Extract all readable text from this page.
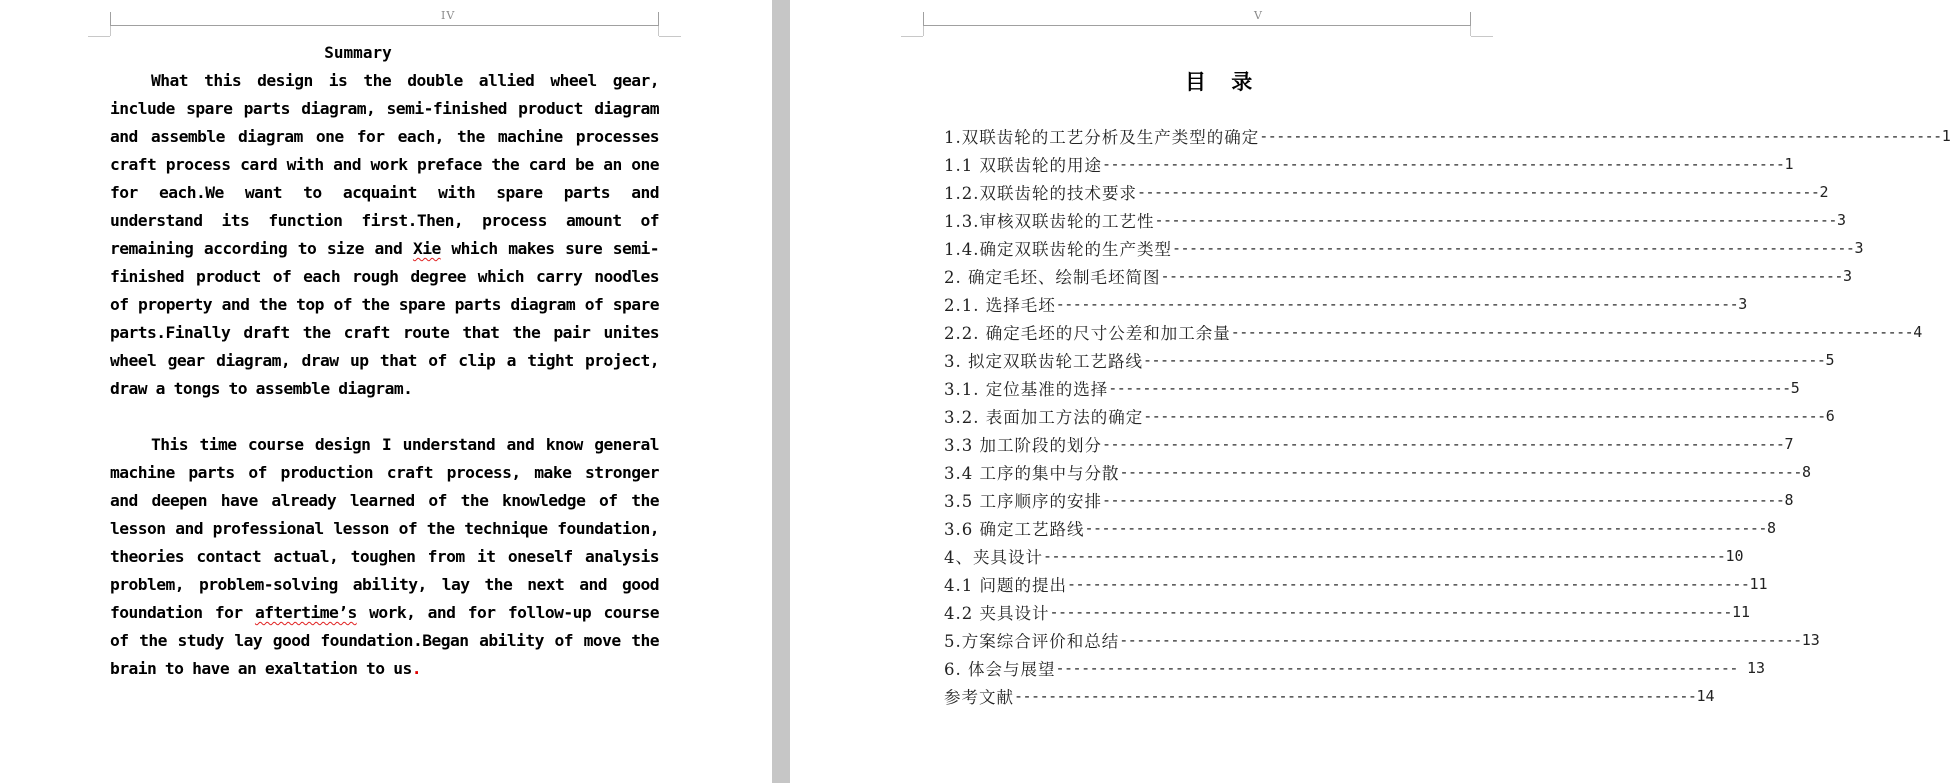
IV	V
Summary

What this design is the double allied wheel gear, include spare parts diagram, semi-finished product diagram and assemble diagram one for each, the machine processes craft process card with and work preface the card be an one for each.We want to acquaint with spare parts and understand its function first.Then, process amount of remaining according to size and Xie which makes sure semi-finished product of each rough degree which carry noodles of property and the top of the spare parts diagram of spare parts.Finally draft the craft route that the pair unites wheel gear diagram, draw up that of clip a tight project, draw a tongs to assemble diagram.

This time course design I understand and know general machine parts of production craft process, make stronger and deepen have already learned of the knowledge of the lesson and professional lesson of the technique foundation, theories contact actual, toughen from it oneself analysis problem, problem-solving ability, lay the next and good foundation for aftertime’s work, and for follow-up course of the study lay good foundation.Began ability of move the brain to have an exaltation to us.

目 录
1.双联齿轮的工艺分析及生产类型的确定 -------------------------------------------------------------------------------- 1
1.1 双联齿轮的用途 -------------------------------------------------------------------------------- 1
1.2.双联齿轮的技术要求 -------------------------------------------------------------------------------- 2
1.3.审核双联齿轮的工艺性 -------------------------------------------------------------------------------- 3
1.4.确定双联齿轮的生产类型 -------------------------------------------------------------------------------- 3
2. 确定毛坯、绘制毛坯简图 -------------------------------------------------------------------------------- 3
2.1. 选择毛坯 -------------------------------------------------------------------------------- 3
2.2. 确定毛坯的尺寸公差和加工余量 -------------------------------------------------------------------------------- 4
3. 拟定双联齿轮工艺路线 -------------------------------------------------------------------------------- 5
3.1. 定位基准的选择 -------------------------------------------------------------------------------- 5
3.2. 表面加工方法的确定 -------------------------------------------------------------------------------- 6
3.3 加工阶段的划分 -------------------------------------------------------------------------------- 7
3.4 工序的集中与分散 -------------------------------------------------------------------------------- 8
3.5 工序顺序的安排 -------------------------------------------------------------------------------- 8
3.6 确定工艺路线 -------------------------------------------------------------------------------- 8
4、夹具设计 -------------------------------------------------------------------------------- 10
4.1 问题的提出 -------------------------------------------------------------------------------- 11
4.2 夹具设计 -------------------------------------------------------------------------------- 11
5.方案综合评价和总结 -------------------------------------------------------------------------------- 13
6. 体会与展望 -------------------------------------------------------------------------------- 13
参考文献 -------------------------------------------------------------------------------- 14
